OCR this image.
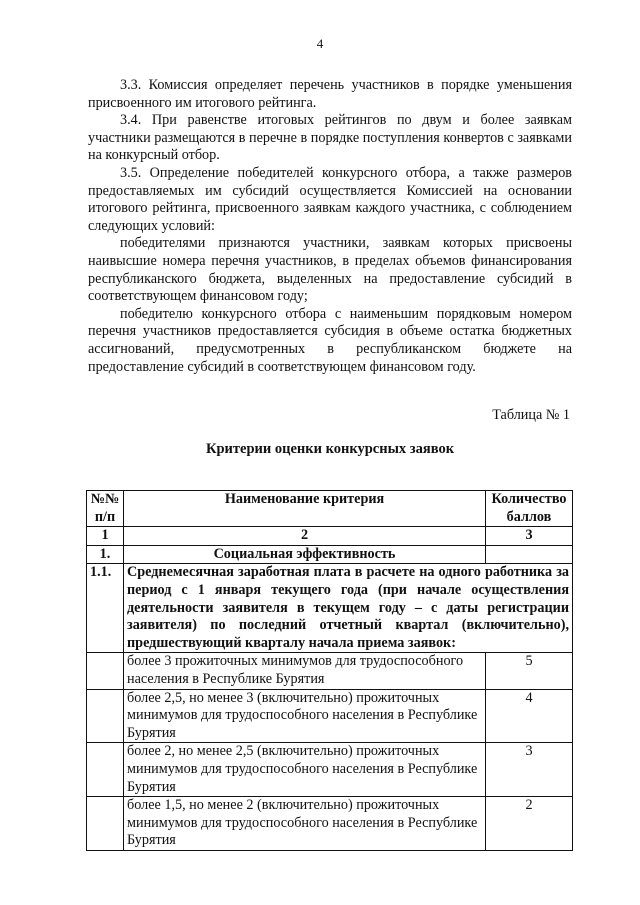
4

3.3. Комиссия определяет перечень участников в порядке уменьшения присвоенного им итогового рейтинга.

3.4. При равенстве итоговых рейтингов по двум и более заявкам участники размещаются в перечне в порядке поступления конвертов с заявками на конкурсный отбор.

3.5. Определение победителей конкурсного отбора, а также размеров предоставляемых им субсидий осуществляется Комиссией на основании итогового рейтинга, присвоенного заявкам каждого участника, с соблюдением следующих условий:

победителями признаются участники, заявкам которых присвоены наивысшие номера перечня участников, в пределах объемов финансирования республиканского бюджета, выделенных на предоставление субсидий в соответствующем финансовом году;

победителю конкурсного отбора с наименьшим порядковым номером перечня участников предоставляется субсидия в объеме остатка бюджетных ассигнований, предусмотренных в республиканском бюджете на предоставление субсидий в соответствующем финансовом году.

Таблица № 1
Критерии оценки конкурсных заявок
№№ п/п	Наименование критерия	Количество баллов
1	2	3
1.	Социальная эффективность	
1.1.	Среднемесячная заработная плата в расчете на одного работника за период с 1 января текущего года (при начале осуществления деятельности заявителя в текущем году – с даты регистрации заявителя) по последний отчетный квартал (включительно), предшествующий кварталу начала приема заявок:	
	более 3 прожиточных минимумов для трудоспособного населения в Республике Бурятия	5
	более 2,5, но менее 3 (включительно) прожиточных минимумов для трудоспособного населения в Республике Бурятия	4
	более 2, но менее 2,5 (включительно) прожиточных минимумов для трудоспособного населения в Республике Бурятия	3
	более 1,5, но менее 2 (включительно) прожиточных минимумов для трудоспособного населения в Республике Бурятия	2
